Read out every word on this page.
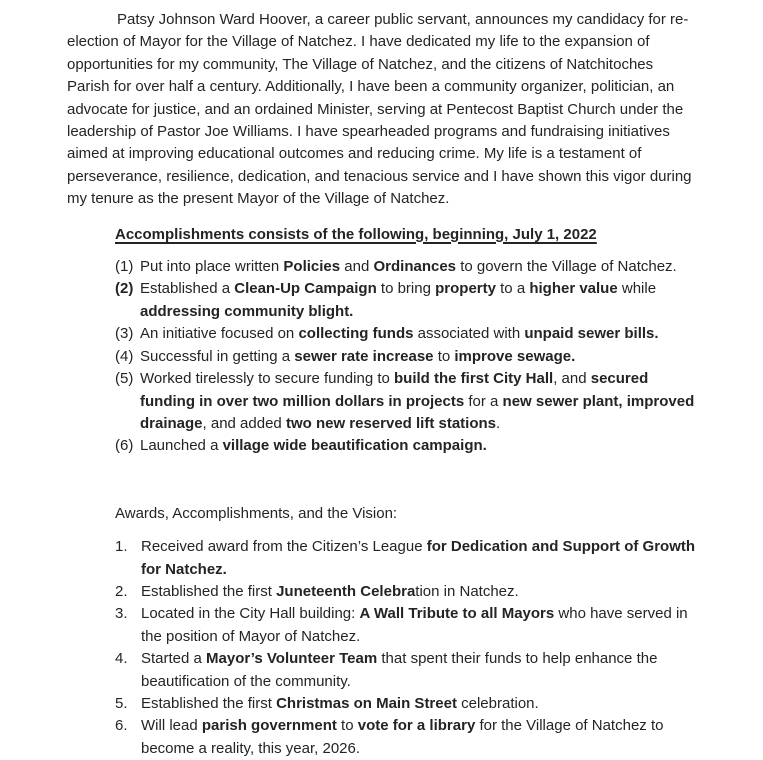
Patsy Johnson Ward Hoover, a career public servant, announces my candidacy for re-election of Mayor for the Village of Natchez. I have dedicated my life to the expansion of opportunities for my community, The Village of Natchez, and the citizens of Natchitoches Parish for over half a century. Additionally, I have been a community organizer, politician, an advocate for justice, and an ordained Minister, serving at Pentecost Baptist Church under the leadership of Pastor Joe Williams. I have spearheaded programs and fundraising initiatives aimed at improving educational outcomes and reducing crime. My life is a testament of perseverance, resilience, dedication, and tenacious service and I have shown this vigor during my tenure as the present Mayor of the Village of Natchez.

Accomplishments consists of the following, beginning, July 1, 2022
(1) Put into place written Policies and Ordinances to govern the Village of Natchez.
(2) Established a Clean-Up Campaign to bring property to a higher value while addressing community blight.
(3) An initiative focused on collecting funds associated with unpaid sewer bills.
(4) Successful in getting a sewer rate increase to improve sewage.
(5) Worked tirelessly to secure funding to build the first City Hall, and secured funding in over two million dollars in projects for a new sewer plant, improved drainage, and added two new reserved lift stations.
(6) Launched a village wide beautification campaign.

Awards, Accomplishments, and the Vision:

1. Received award from the Citizen’s League for Dedication and Support of Growth for Natchez.
2. Established the first Juneteenth Celebration in Natchez.
3. Located in the City Hall building: A Wall Tribute to all Mayors who have served in the position of Mayor of Natchez.
4. Started a Mayor’s Volunteer Team that spent their funds to help enhance the beautification of the community.
5. Established the first Christmas on Main Street celebration.
6. Will lead parish government to vote for a library for the Village of Natchez to become a reality, this year, 2026.
